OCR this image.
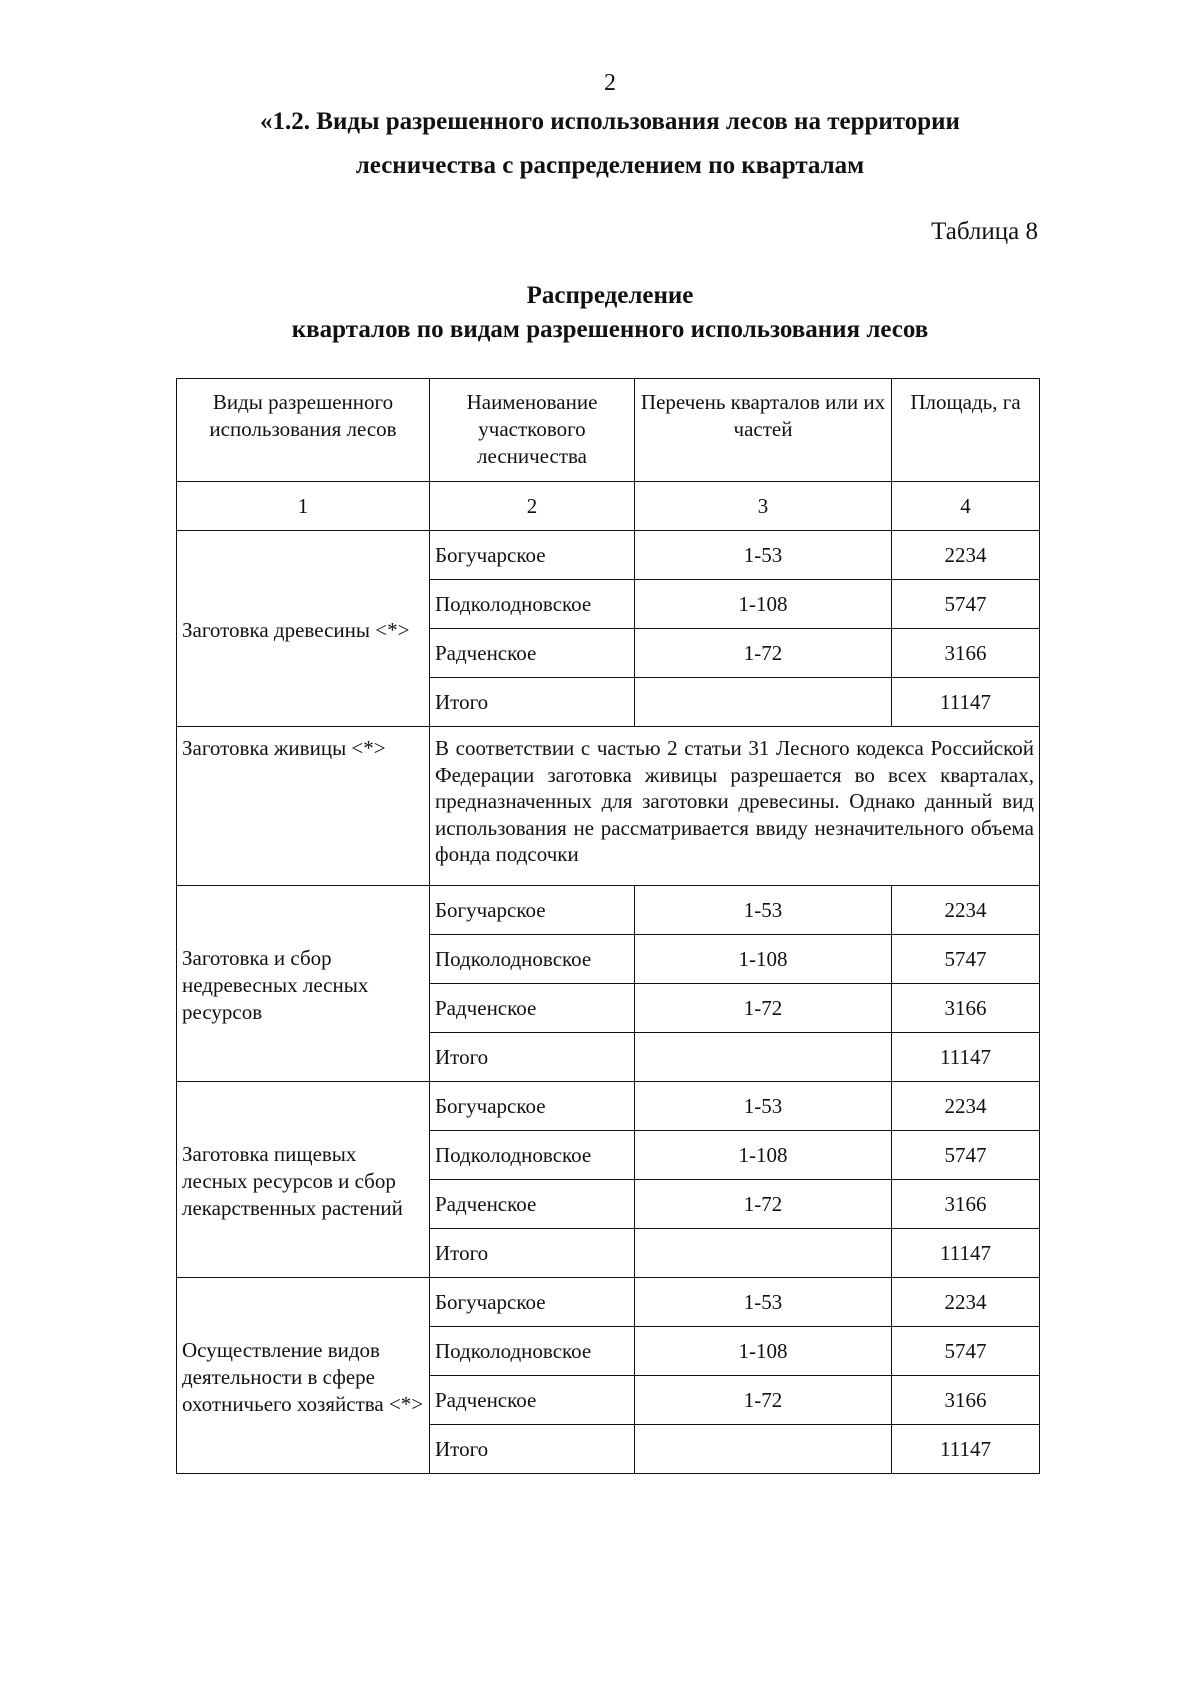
2
«1.2. Виды разрешенного использования лесов на территории
лесничества с распределением по кварталам
Таблица 8
Распределение
кварталов по видам разрешенного использования лесов
Виды разрешенного использования лесов	Наименование участкового лесничества	Перечень кварталов или их частей	Площадь, га
1	2	3	4
Заготовка древесины <*>	Богучарское	1-53	2234
	Подколодновское	1-108	5747
	Радченское	1-72	3166
	Итого		11147
Заготовка живицы <*>	В соответствии с частью 2 статьи 31 Лесного кодекса Российской Федерации заготовка живицы разрешается во всех кварталах, предназначенных для заготовки древесины. Однако данный вид использования не рассматривается ввиду незначительного объема фонда подсочки		
Заготовка и сбор недревесных лесных ресурсов	Богучарское	1-53	2234
	Подколодновское	1-108	5747
	Радченское	1-72	3166
	Итого		11147
Заготовка пищевых лесных ресурсов и сбор лекарственных растений	Богучарское	1-53	2234
	Подколодновское	1-108	5747
	Радченское	1-72	3166
	Итого		11147
Осуществление видов деятельности в сфере охотничьего хозяйства <*>	Богучарское	1-53	2234
	Подколодновское	1-108	5747
	Радченское	1-72	3166
	Итого		11147
